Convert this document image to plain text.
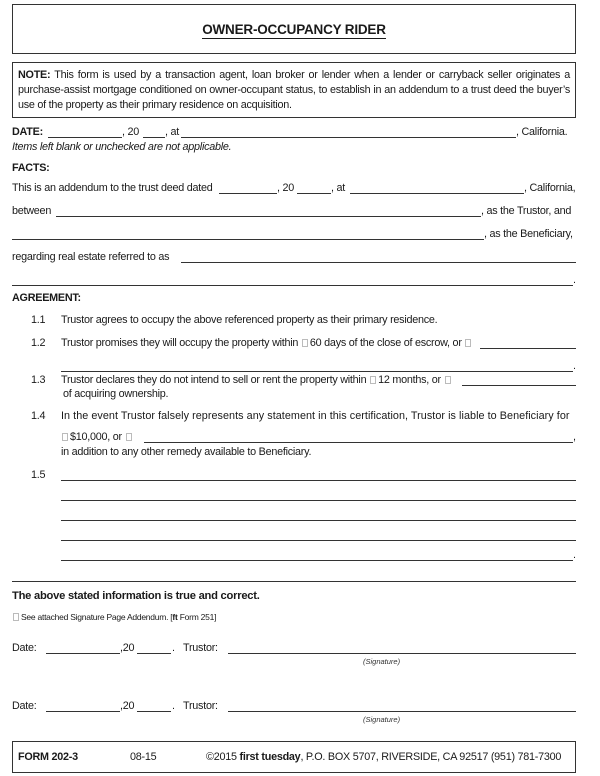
OWNER-OCCUPANCY RIDER
NOTE: This form is used by a transaction agent, loan broker or lender when a lender or carryback seller originates a purchase-assist mortgage conditioned on owner-occupant status, to establish in an addendum to a trust deed the buyer’s use of the property as their primary residence on acquisition.
DATE:	, 20 , at	, California.
Items left blank or unchecked are not applicable.
FACTS:
This is an addendum to the trust deed dated	, 20	, at	, California,
between	, as the Trustor, and
, as the Beneficiary,
regarding real estate referred to as
.
AGREEMENT:
1.1 Trustor agrees to occupy the above referenced property as their primary residence.
1.2 Trustor promises they will occupy the property within 60 days of the close of escrow, or
.
1.3 Trustor declares they do not intend to sell or rent the property within 12 months, or
of acquiring ownership.
1.4 In the event Trustor falsely represents any statement in this certification, Trustor is liable to Beneficiary for
$10,000, or	,
in addition to any other remedy available to Beneficiary.
1.5
.
The above stated information is true and correct.
See attached Signature Page Addendum. [ft Form 251]
Date:	,20	. Trustor:
(Signature)
Date:	,20	. Trustor:
(Signature)
FORM 202-3	08-15	©2015 first tuesday, P.O. BOX 5707, RIVERSIDE, CA 92517 (951) 781-7300
